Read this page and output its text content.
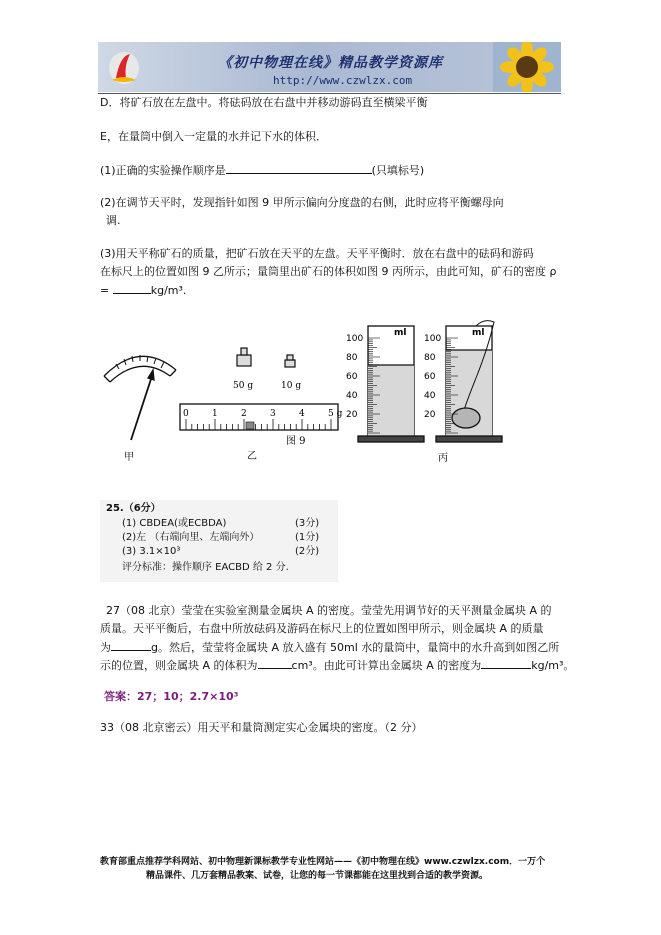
《初中物理在线》精品教学资源库
http://www.czwlzx.com
D．将矿石放在左盘中。将砝码放在右盘中并移动游码直至横梁平衡
E，在量筒中倒入一定量的水并记下水的体积．
(1)正确的实验操作顺序是	(只填标号)
(2)在调节天平时，发现指针如图 9 甲所示偏向分度盘的右侧，此时应将平衡螺母向
调.
(3)用天平称矿石的质量，把矿石放在天平的左盘。天平平衡时．放在右盘中的砝码和游码
在标尺上的位置如图 9 乙所示；量筒里出矿石的体积如图 9 丙所示，由此可知，矿石的密度 ρ
=	kg/m³.
甲
50 g	10 g
0	1	2	3	4	5 g
乙
图 9
100
80
60
40
20
100
80
60
40
20
ml	ml
丙
25.（6分）
(1) CBDEA(或ECBDA)	(3分)
(2)左 （右端向里、左端向外）	(1分)
(3) 3.1×10³	(2分)
评分标准：操作顺序 EACBD 给 2 分.
27（08 北京）莹莹在实验室测量金属块 A 的密度。莹莹先用调节好的天平测量金属块 A 的
质量。天平平衡后，右盘中所放砝码及游码在标尺上的位置如图甲所示，则金属块 A 的质量
为	g。然后，莹莹将金属块 A 放入盛有 50ml 水的量筒中，量筒中的水升高到如图乙所
示的位置，则金属块 A 的体积为	cm³。由此可计算出金属块 A 的密度为	kg/m³。
答案：27；10；2.7×10³
33（08 北京密云）用天平和量筒测定实心金属块的密度。（2 分）
教育部重点推荐学科网站、初中物理新课标教学专业性网站——《初中物理在线》www.czwlzx.com．一万个
精品课件、几万套精品教案、试卷，让您的每一节课都能在这里找到合适的教学资源。
